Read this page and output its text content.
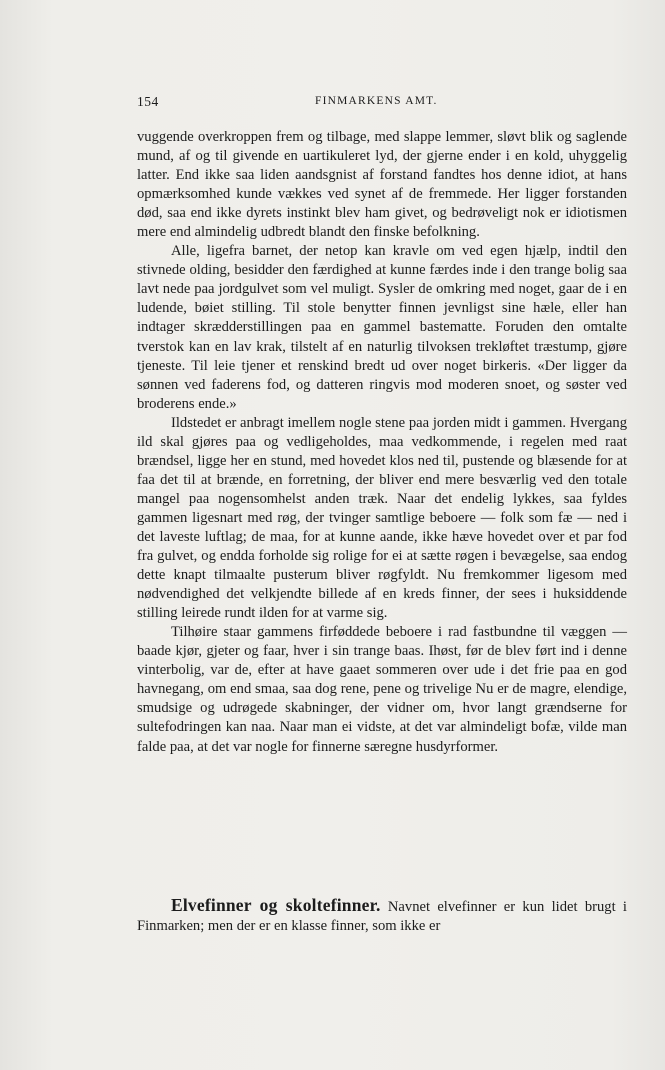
154	FINMARKENS AMT.

vuggende overkroppen frem og tilbage, med slappe lemmer, sløvt blik og saglende mund, af og til givende en uartikuleret lyd, der gjerne ender i en kold, uhyggelig latter. End ikke saa liden aandsgnist af forstand fandtes hos denne idiot, at hans opmærksomhed kunde vækkes ved synet af de fremmede. Her ligger forstanden død, saa end ikke dyrets instinkt blev ham givet, og bedrøveligt nok er idiotismen mere end almindelig udbredt blandt den finske befolkning.

Alle, ligefra barnet, der netop kan kravle om ved egen hjælp, indtil den stivnede olding, besidder den færdighed at kunne færdes inde i den trange bolig saa lavt nede paa jordgulvet som vel muligt. Sysler de omkring med noget, gaar de i en ludende, bøiet stilling. Til stole benytter finnen jevnligst sine hæle, eller han indtager skrædderstillingen paa en gammel bastematte. Foruden den omtalte tverstok kan en lav krak, tilstelt af en naturlig tilvoksen trekløftet træstump, gjøre tjeneste. Til leie tjener et renskind bredt ud over noget birkeris. «Der ligger da sønnen ved faderens fod, og datteren ringvis mod moderen snoet, og søster ved broderens ende.»

Ildstedet er anbragt imellem nogle stene paa jorden midt i gammen. Hvergang ild skal gjøres paa og vedligeholdes, maa vedkommende, i regelen med raat brændsel, ligge her en stund, med hovedet klos ned til, pustende og blæsende for at faa det til at brænde, en forretning, der bliver end mere besværlig ved den totale mangel paa nogensomhelst anden træk. Naar det endelig lykkes, saa fyldes gammen ligesnart med røg, der tvinger samtlige beboere — folk som fæ — ned i det laveste luftlag; de maa, for at kunne aande, ikke hæve hovedet over et par fod fra gulvet, og endda forholde sig rolige for ei at sætte røgen i bevægelse, saa endog dette knapt tilmaalte pusterum bliver røgfyldt. Nu fremkommer ligesom med nødvendighed det velkjendte billede af en kreds finner, der sees i huksiddende stilling leirede rundt ilden for at varme sig.

Tilhøire staar gammens firføddede beboere i rad fastbundne til væggen — baade kjør, gjeter og faar, hver i sin trange baas. Ihøst, før de blev ført ind i denne vinterbolig, var de, efter at have gaaet sommeren over ude i det frie paa en god havnegang, om end smaa, saa dog rene, pene og trivelige Nu er de magre, elendige, smudsige og udrøgede skabninger, der vidner om, hvor langt grændserne for sultefodringen kan naa. Naar man ei vidste, at det var almindeligt bofæ, vilde man falde paa, at det var nogle for finnerne særegne husdyrformer.

Elvefinner og skoltefinner. Navnet elvefinner er kun lidet brugt i Finmarken; men der er en klasse finner, som ikke er
